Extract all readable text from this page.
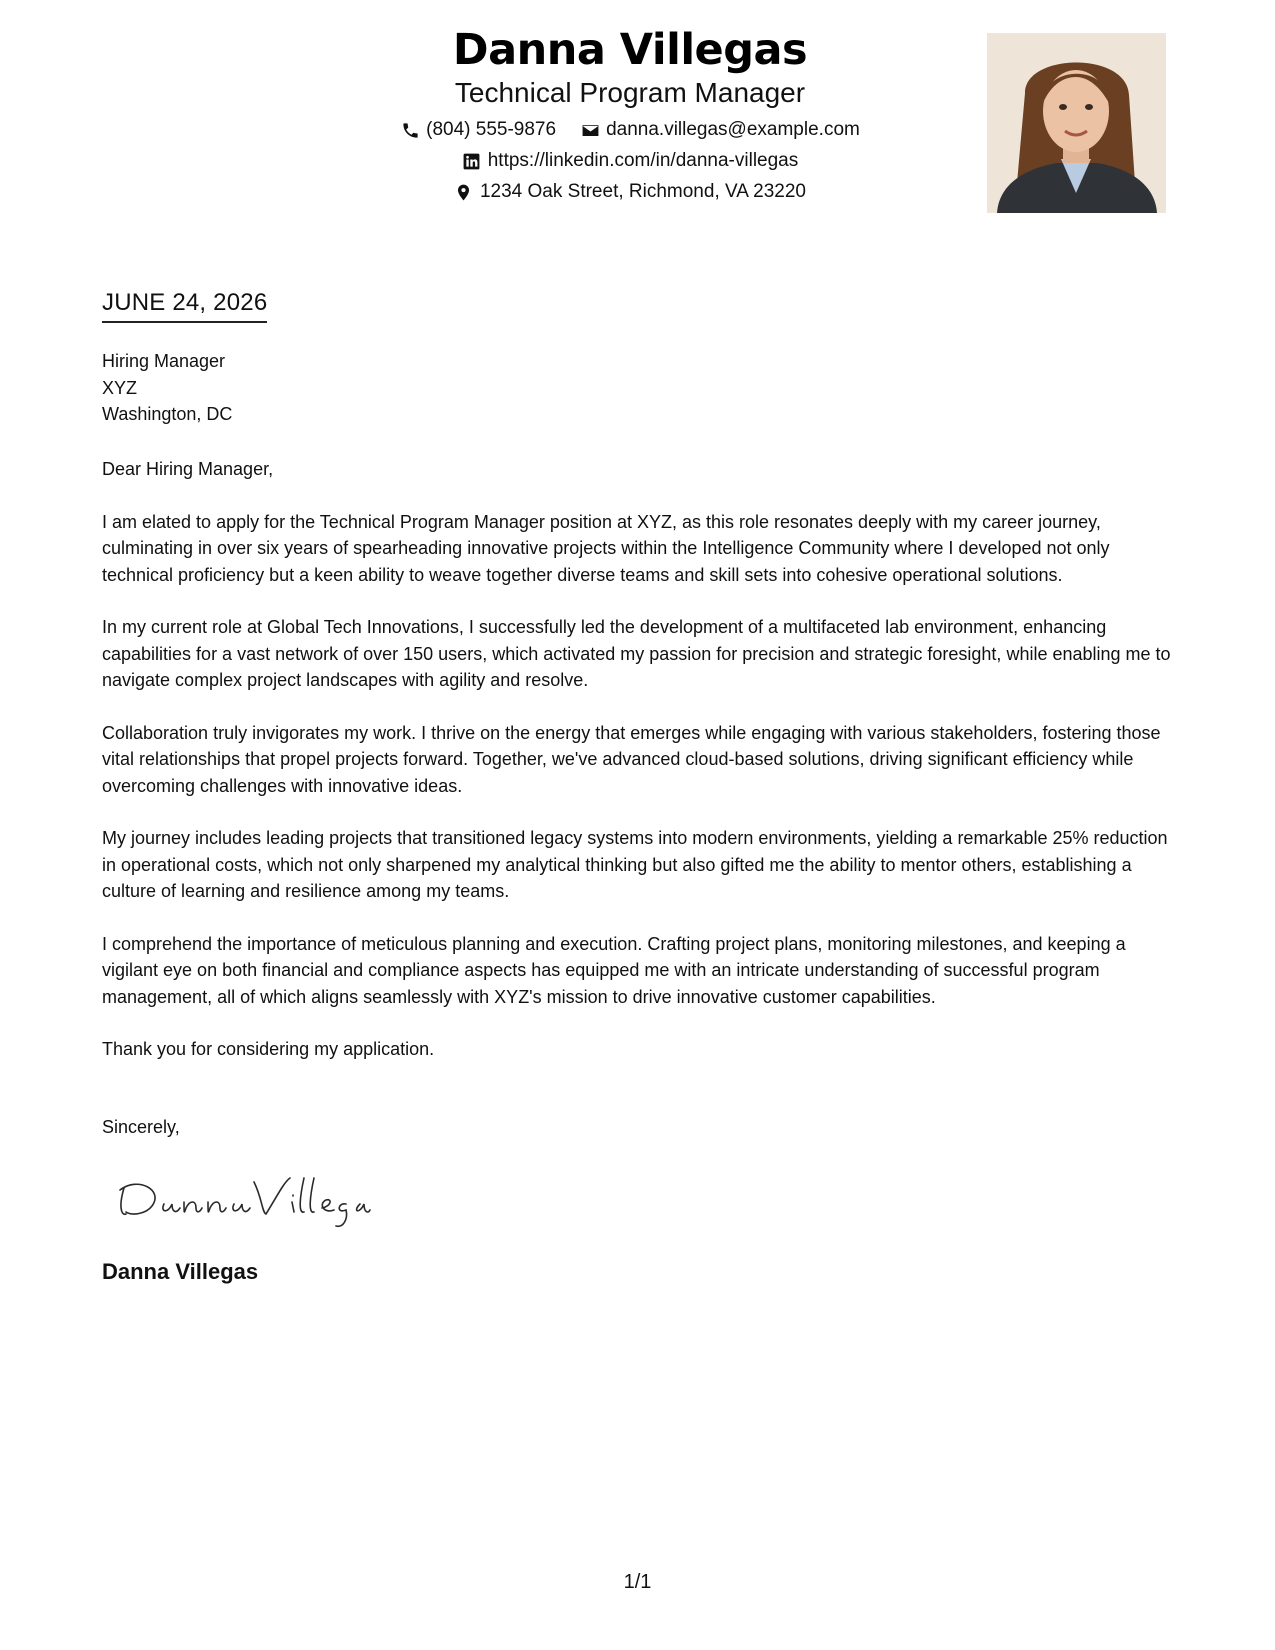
Danna Villegas
Technical Program Manager
(804) 555-9876	danna.villegas@example.com
https://linkedin.com/in/danna-villegas
1234 Oak Street, Richmond, VA 23220
JUNE 24, 2026
Hiring Manager
XYZ
Washington, DC

Dear Hiring Manager,

I am elated to apply for the Technical Program Manager position at XYZ, as this role resonates deeply with my career journey, culminating in over six years of spearheading innovative projects within the Intelligence Community where I developed not only technical proficiency but a keen ability to weave together diverse teams and skill sets into cohesive operational solutions.

In my current role at Global Tech Innovations, I successfully led the development of a multifaceted lab environment, enhancing capabilities for a vast network of over 150 users, which activated my passion for precision and strategic foresight, while enabling me to navigate complex project landscapes with agility and resolve.

Collaboration truly invigorates my work. I thrive on the energy that emerges while engaging with various stakeholders, fostering those vital relationships that propel projects forward. Together, we've advanced cloud-based solutions, driving significant efficiency while overcoming challenges with innovative ideas.

My journey includes leading projects that transitioned legacy systems into modern environments, yielding a remarkable 25% reduction in operational costs, which not only sharpened my analytical thinking but also gifted me the ability to mentor others, establishing a culture of learning and resilience among my teams.

I comprehend the importance of meticulous planning and execution. Crafting project plans, monitoring milestones, and keeping a vigilant eye on both financial and compliance aspects has equipped me with an intricate understanding of successful program management, all of which aligns seamlessly with XYZ's mission to drive innovative customer capabilities.

Thank you for considering my application.

Sincerely,
Danna Villegas
1/1
